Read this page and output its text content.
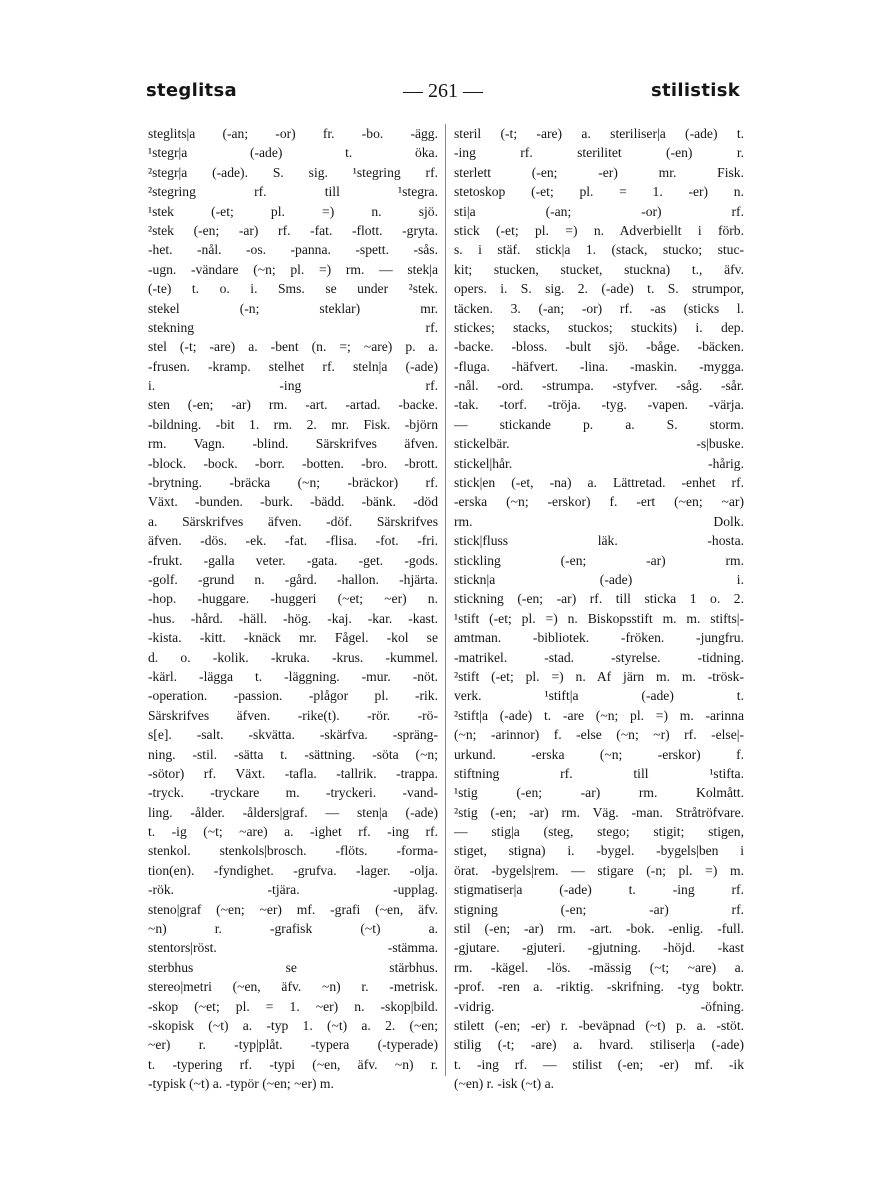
steglitsa	— 261 —	stilistisk
steglits|a (-an; -or) fr. -bo. -ägg.
¹stegr|a (-ade) t. öka.
²stegr|a (-ade). S. sig. ¹stegring rf.
²stegring rf. till ¹stegra.
¹stek (-et; pl. =) n. sjö.
²stek (-en; -ar) rf. -fat. -flott. -gryta.
-het. -nål. -os. -panna. -spett. -sås.
-ugn. -vändare (~n; pl. =) rm. — stek|a
(-te) t. o. i. Sms. se under ²stek.
stekel (-n; steklar) mr.
stekning rf.
stel (-t; -are) a. -bent (n. =; ~are) p. a.
-frusen. -kramp. stelhet rf. steln|a (-ade)
i. -ing rf.
sten (-en; -ar) rm. -art. -artad. -backe.
-bildning. -bit 1. rm. 2. mr. Fisk. -björn
rm. Vagn. -blind. Särskrifves äfven.
-block. -bock. -borr. -botten. -bro. -brott.
-brytning. -bräcka (~n; -bräckor) rf.
Växt. -bunden. -burk. -bädd. -bänk. -död
a. Särskrifves äfven. -döf. Särskrifves
äfven. -dös. -ek. -fat. -flisa. -fot. -fri.
-frukt. -galla veter. -gata. -get. -gods.
-golf. -grund n. -gård. -hallon. -hjärta.
-hop. -huggare. -huggeri (~et; ~er) n.
-hus. -hård. -häll. -hög. -kaj. -kar. -kast.
-kista. -kitt. -knäck mr. Fågel. -kol se
d. o. -kolik. -kruka. -krus. -kummel.
-kärl. -lägga t. -läggning. -mur. -nöt.
-operation. -passion. -plågor pl. -rik.
Särskrifves äfven. -rike(t). -rör. -rö-
s[e]. -salt. -skvätta. -skärfva. -spräng-
ning. -stil. -sätta t. -sättning. -söta (~n;
-sötor) rf. Växt. -tafla. -tallrik. -trappa.
-tryck. -tryckare m. -tryckeri. -vand-
ling. -ålder. -ålders|graf. — sten|a (-ade)
t. -ig (~t; ~are) a. -ighet rf. -ing rf.
stenkol. stenkols|brosch. -flöts. -forma-
tion(en). -fyndighet. -grufva. -lager. -olja.
-rök. -tjära. -upplag.
steno|graf (~en; ~er) mf. -grafi (~en, äfv.
~n) r. -grafisk (~t) a.
stentors|röst. -stämma.
sterbhus se stärbhus.
stereo|metri (~en, äfv. ~n) r. -metrisk.
-skop (~et; pl. = 1. ~er) n. -skop|bild.
-skopisk (~t) a. -typ 1. (~t) a. 2. (~en;
~er) r. -typ|plåt. -typera (-typerade)
t. -typering rf. -typi (~en, äfv. ~n) r.
-typisk (~t) a. -typör (~en; ~er) m.
steril (-t; -are) a. steriliser|a (-ade) t.
-ing rf. sterilitet (-en) r.
sterlett (-en; -er) mr. Fisk.
stetoskop (-et; pl. = 1. -er) n.
sti|a (-an; -or) rf.
stick (-et; pl. =) n. Adverbiellt i förb.
s. i stäf. stick|a 1. (stack, stucko; stuc-
kit; stucken, stucket, stuckna) t., äfv.
opers. i. S. sig. 2. (-ade) t. S. strumpor,
täcken. 3. (-an; -or) rf. -as (sticks l.
stickes; stacks, stuckos; stuckits) i. dep.
-backe. -bloss. -bult sjö. -båge. -bäcken.
-fluga. -häfvert. -lina. -maskin. -mygga.
-nål. -ord. -strumpa. -styfver. -såg. -sår.
-tak. -torf. -tröja. -tyg. -vapen. -värja.
— stickande p. a. S. storm.
stickelbär. -s|buske.
stickel|hår. -hårig.
stick|en (-et, -na) a. Lättretad. -enhet rf.
-erska (~n; -erskor) f. -ert (~en; ~ar)
rm. Dolk.
stick|fluss läk. -hosta.
stickling (-en; -ar) rm.
stickn|a (-ade) i.
stickning (-en; -ar) rf. till sticka 1 o. 2.
¹stift (-et; pl. =) n. Biskopsstift m. m. stifts|-
amtman. -bibliotek. -fröken. -jungfru.
-matrikel. -stad. -styrelse. -tidning.
²stift (-et; pl. =) n. Af järn m. m. -trösk-
verk. ¹stift|a (-ade) t.
²stift|a (-ade) t. -are (~n; pl. =) m. -arinna
(~n; -arinnor) f. -else (~n; ~r) rf. -else|-
urkund. -erska (~n; -erskor) f.
stiftning rf. till ¹stifta.
¹stig (-en; -ar) rm. Kolmått.
²stig (-en; -ar) rm. Väg. -man. Stråtröfvare.
— stig|a (steg, stego; stigit; stigen,
stiget, stigna) i. -bygel. -bygels|ben i
örat. -bygels|rem. — stigare (-n; pl. =) m.
stigmatiser|a (-ade) t. -ing rf.
stigning (-en; -ar) rf.
stil (-en; -ar) rm. -art. -bok. -enlig. -full.
-gjutare. -gjuteri. -gjutning. -höjd. -kast
rm. -kägel. -lös. -mässig (~t; ~are) a.
-prof. -ren a. -riktig. -skrifning. -tyg boktr.
-vidrig. -öfning.
stilett (-en; -er) r. -beväpnad (~t) p. a. -stöt.
stilig (-t; -are) a. hvard. stiliser|a (-ade)
t. -ing rf. — stilist (-en; -er) mf. -ik
(~en) r. -isk (~t) a.
